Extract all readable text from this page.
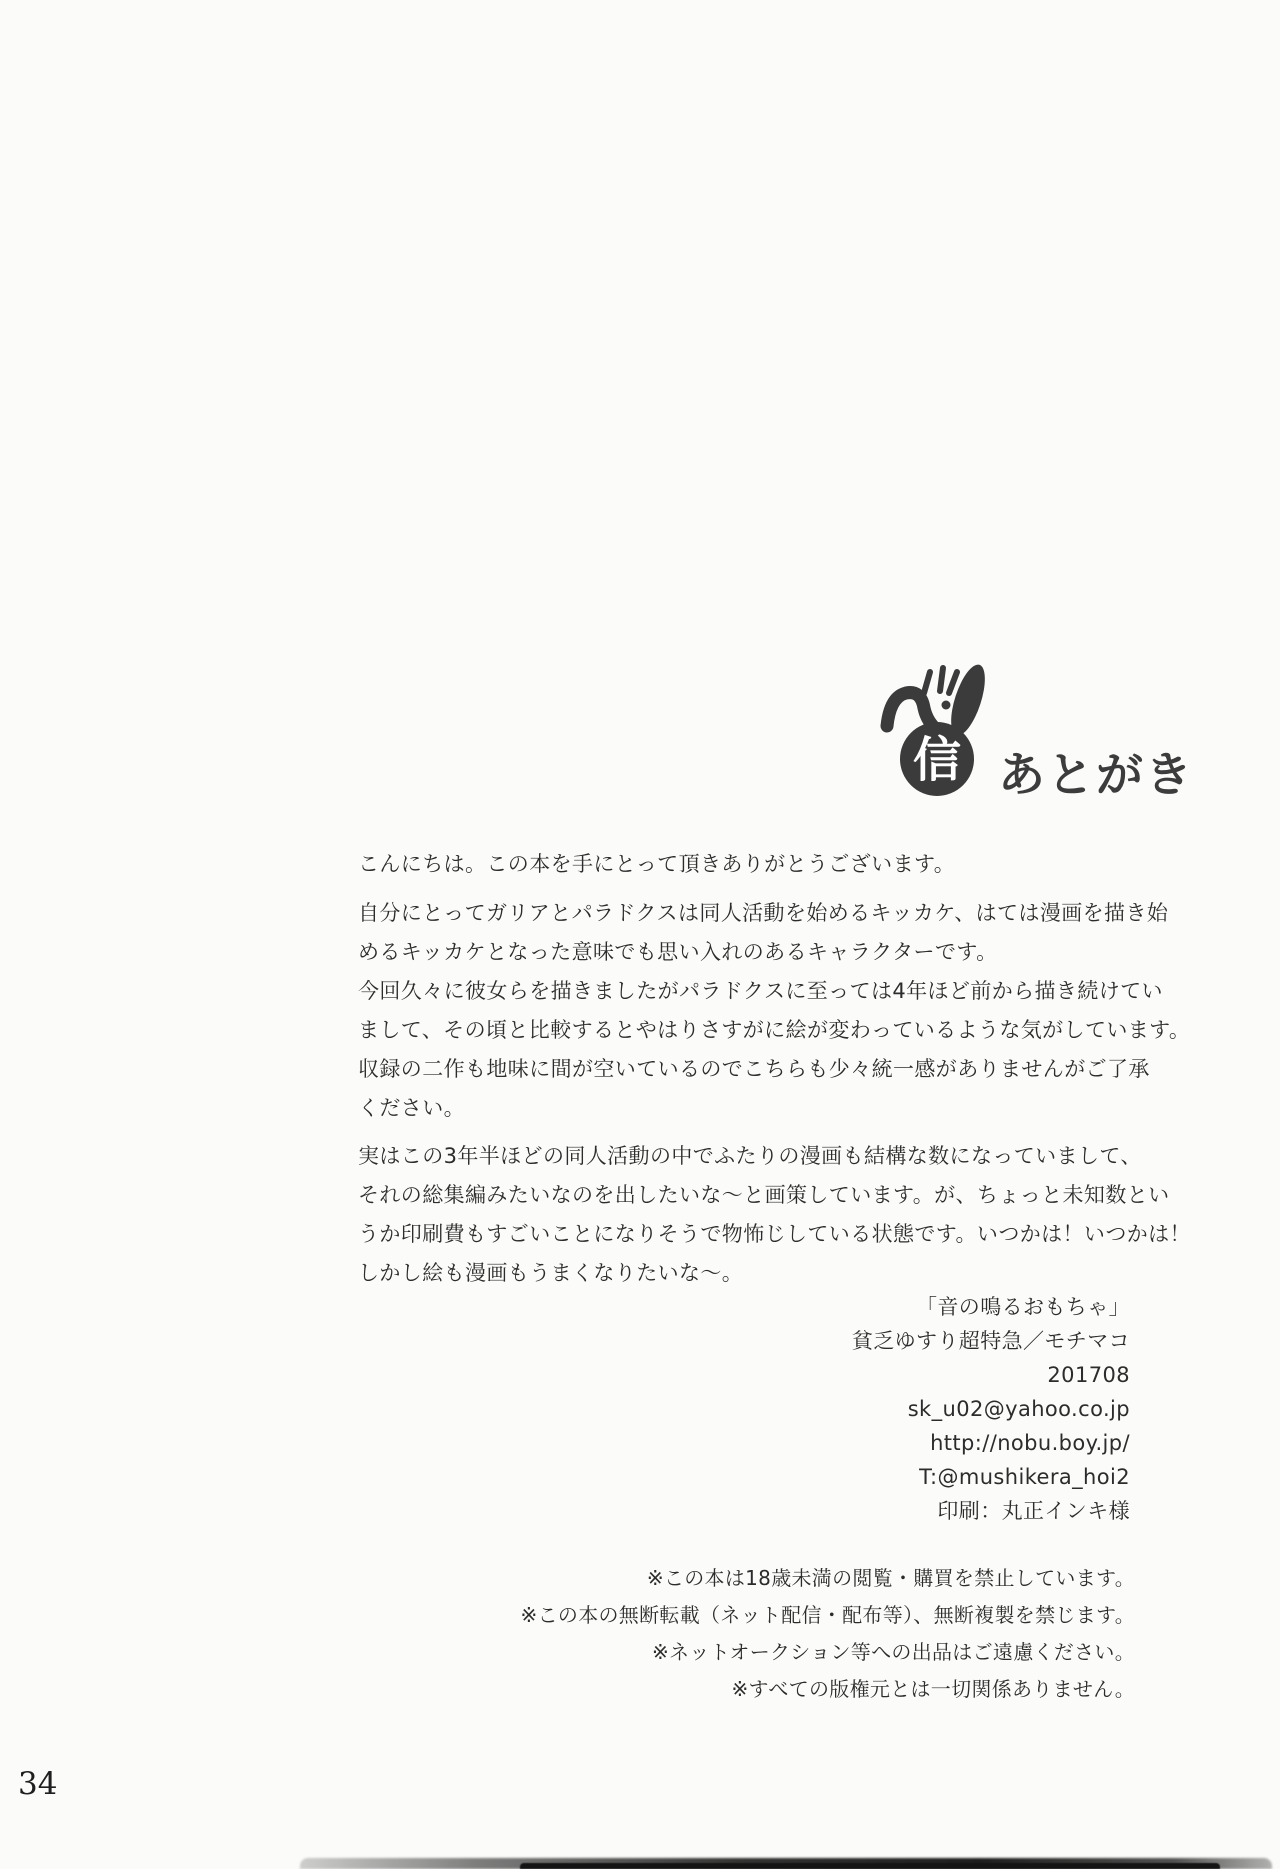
信 あとがき
こんにちは。この本を手にとって頂きありがとうございます。
自分にとってガリアとパラドクスは同人活動を始めるキッカケ、はては漫画を描き始
めるキッカケとなった意味でも思い入れのあるキャラクターです。
今回久々に彼女らを描きましたがパラドクスに至っては4年ほど前から描き続けてい
まして、その頃と比較するとやはりさすがに絵が変わっているような気がしています。
収録の二作も地味に間が空いているのでこちらも少々統一感がありませんがご了承
ください。
実はこの3年半ほどの同人活動の中でふたりの漫画も結構な数になっていまして、
それの総集編みたいなのを出したいな～と画策しています。が、ちょっと未知数とい
うか印刷費もすごいことになりそうで物怖じしている状態です。いつかは！いつかは！
しかし絵も漫画もうまくなりたいな～。
「音の鳴るおもちゃ」
貧乏ゆすり超特急／モチマコ
201708
sk_u02@yahoo.co.jp
http://nobu.boy.jp/
T:@mushikera_hoi2
印刷：丸正インキ様
※この本は18歳未満の閲覧・購買を禁止しています。
※この本の無断転載（ネット配信・配布等）、無断複製を禁じます。
※ネットオークション等への出品はご遠慮ください。
※すべての版権元とは一切関係ありません。
34
